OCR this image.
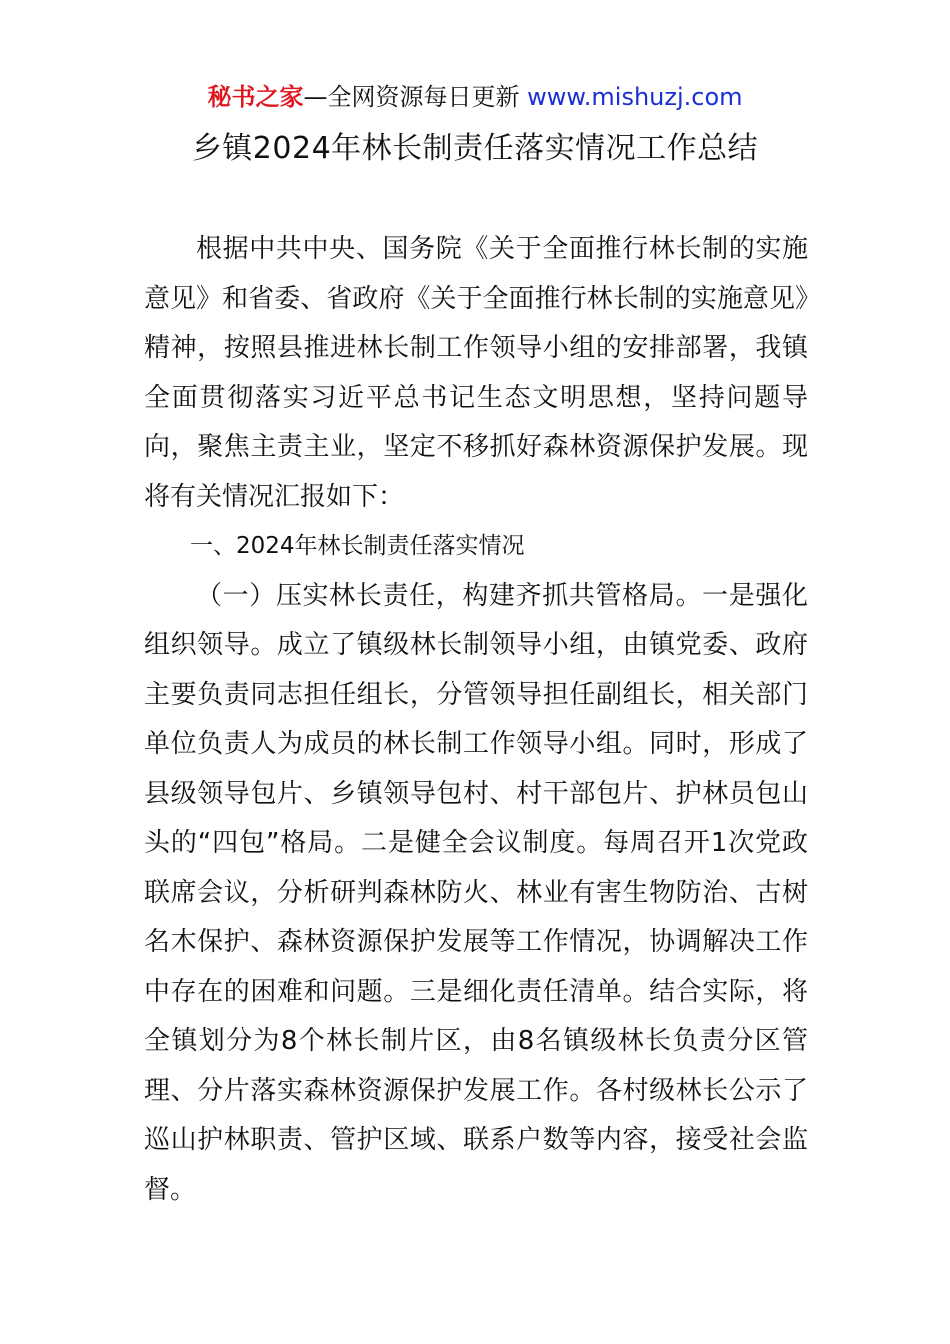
秘书之家—全网资源每日更新 www.mishuzj.com
乡镇2024年林长制责任落实情况工作总结

根据中共中央、国务院《关于全面推行林长制的实施意见》和省委、省政府《关于全面推行林长制的实施意见》精神，按照县推进林长制工作领导小组的安排部署，我镇全面贯彻落实习近平总书记生态文明思想，坚持问题导向，聚焦主责主业，坚定不移抓好森林资源保护发展。现将有关情况汇报如下：

一、2024年林长制责任落实情况

（一）压实林长责任，构建齐抓共管格局。一是强化组织领导。成立了镇级林长制领导小组，由镇党委、政府主要负责同志担任组长，分管领导担任副组长，相关部门单位负责人为成员的林长制工作领导小组。同时，形成了县级领导包片、乡镇领导包村、村干部包片、护林员包山头的“四包”格局。二是健全会议制度。每周召开1次党政联席会议，分析研判森林防火、林业有害生物防治、古树名木保护、森林资源保护发展等工作情况，协调解决工作中存在的困难和问题。三是细化责任清单。结合实际，将全镇划分为8个林长制片区，由8名镇级林长负责分区管理、分片落实森林资源保护发展工作。各村级林长公示了巡山护林职责、管护区域、联系户数等内容，接受社会监督。
